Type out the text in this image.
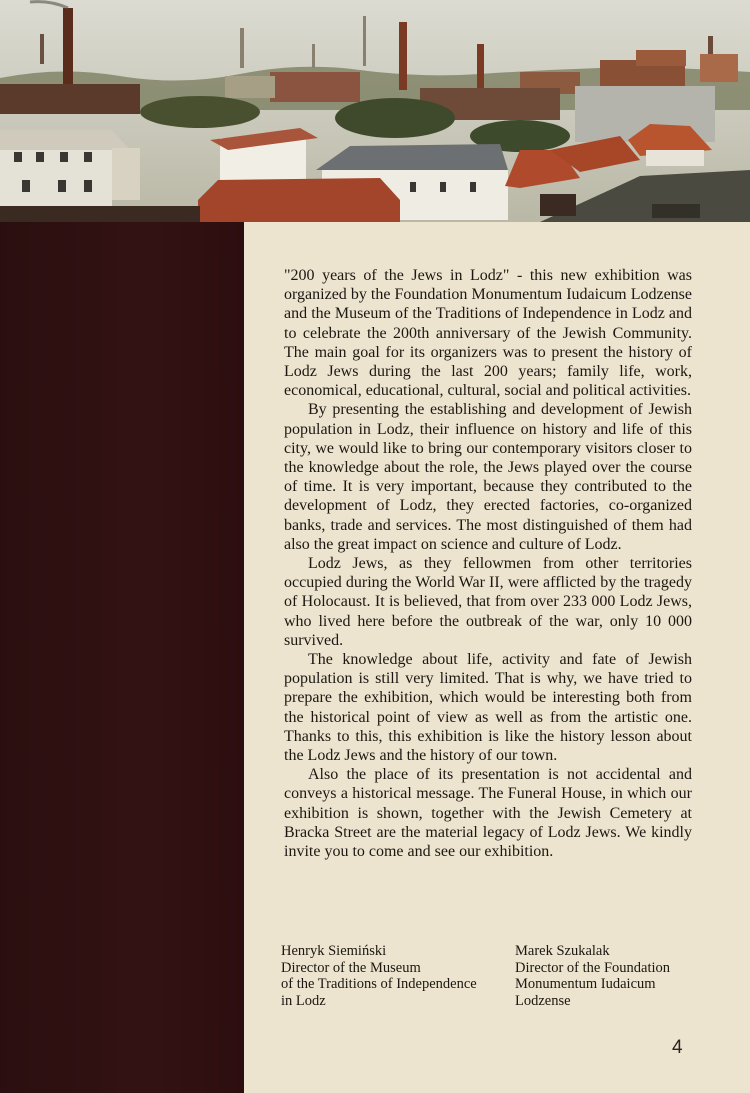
"200 years of the Jews in Lodz" - this new exhibition was organized by the Foundation Monumentum Iudaicum Lodzense and the Museum of the Traditions of Independence in Lodz and to celebrate the 200th anniversary of the Jewish Community. The main goal for its organizers was to present the history of Lodz Jews during the last 200 years; family life, work, economical, educational, cultural, social and political activities.

By presenting the establishing and development of Jewish population in Lodz, their influence on history and life of this city, we would like to bring our contemporary visitors closer to the knowledge about the role, the Jews played over the course of time. It is very important, because they contributed to the development of Lodz, they erected factories, co-organized banks, trade and services. The most distinguished of them had also the great impact on science and culture of Lodz.

Lodz Jews, as they fellowmen from other territories occupied during the World War II, were afflicted by the tragedy of Holocaust. It is believed, that from over 233 000 Lodz Jews, who lived here before the outbreak of the war, only 10 000 survived.

The knowledge about life, activity and fate of Jewish population is still very limited. That is why, we have tried to prepare the exhibition, which would be interesting both from the historical point of view as well as from the artistic one. Thanks to this, this exhibition is like the history lesson about the Lodz Jews and the history of our town.

Also the place of its presentation is not accidental and conveys a historical message. The Funeral House, in which our exhibition is shown, together with the Jewish Cemetery at Bracka Street are the material legacy of Lodz Jews. We kindly invite you to come and see our exhibition.

Henryk Siemiński
Director of the Museum
of the Traditions of Independence
in Lodz
Marek Szukalak
Director of the Foundation
Monumentum Iudaicum
Lodzense
4
